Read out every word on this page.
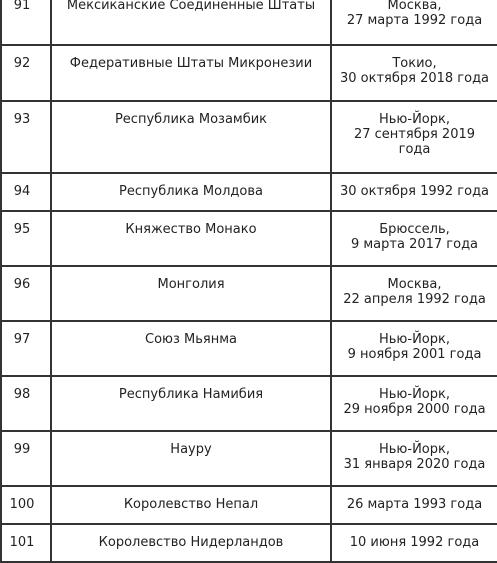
91	Мексиканские Соединенные Штаты	Москва,
27 марта 1992 года

92	Федеративные Штаты Микронезии	Токио,
30 октября 2018 года

93	Республика Мозамбик	Нью-Йорк,
27 сентября 2019
года

94	Республика Молдова	30 октября 1992 года

95	Княжество Монако	Брюссель,
9 марта 2017 года

96	Монголия	Москва,
22 апреля 1992 года

97	Союз Мьянма	Нью-Йорк,
9 ноября 2001 года

98	Республика Намибия	Нью-Йорк,
29 ноября 2000 года

99	Науру	Нью-Йорк,
31 января 2020 года

100	Королевство Непал	26 марта 1993 года

101	Королевство Нидерландов	10 июня 1992 года
